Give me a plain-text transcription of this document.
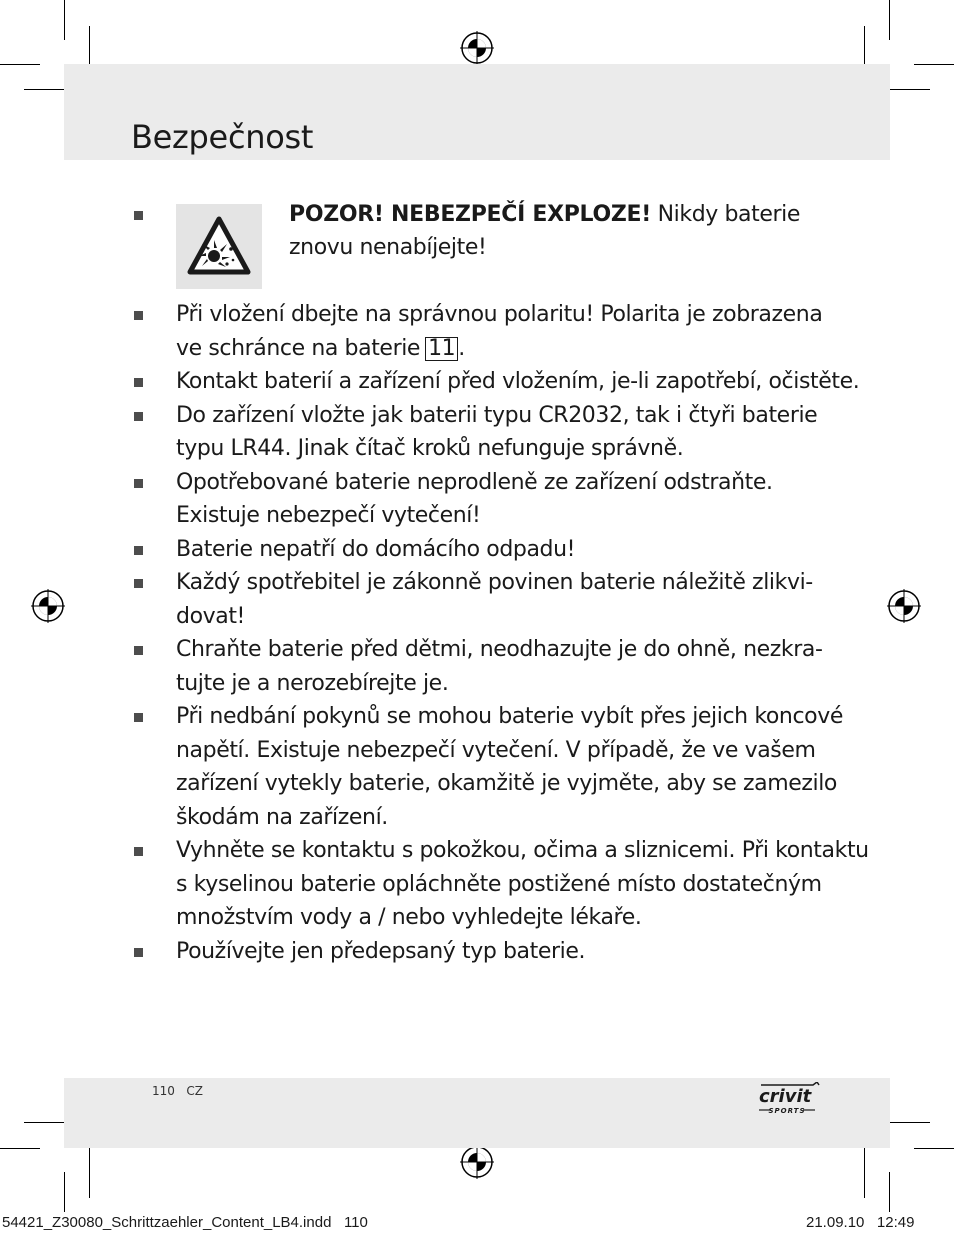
Bezpečnost
POZOR! NEBEZPEČÍ EXPLOZE! Nikdy baterie
znovu nenabíjejte!
Při vložení dbejte na správnou polaritu! Polarita je zobrazena
ve schránce na baterie 11 .
Kontakt baterií a zařízení před vložením, je-li zapotřebí, očistěte.
Do zařízení vložte jak baterii typu CR2032, tak i čtyři baterie
typu LR44. Jinak čítač kroků nefunguje správně.
Opotřebované baterie neprodleně ze zařízení odstraňte.
Existuje nebezpečí vytečení!
Baterie nepatří do domácího odpadu!
Každý spotřebitel je zákonně povinen baterie náležitě zlikvi-
dovat!
Chraňte baterie před dětmi, neodhazujte je do ohně, nezkra-
tujte je a nerozebírejte je.
Při nedbání pokynů se mohou baterie vybít přes jejich koncové
napětí. Existuje nebezpečí vytečení. V případě, že ve vašem
zařízení vytekly baterie, okamžitě je vyjměte, aby se zamezilo
škodám na zařízení.
Vyhněte se kontaktu s pokožkou, očima a sliznicemi. Při kontaktu
s kyselinou baterie opláchněte postižené místo dostatečným
množstvím vody a / nebo vyhledejte lékaře.
Používejte jen předepsaný typ baterie.
110 CZ	crivit
SPORTS
54421_Z30080_Schrittzaehler_Content_LB4.indd 110	21.09.10 12:49
